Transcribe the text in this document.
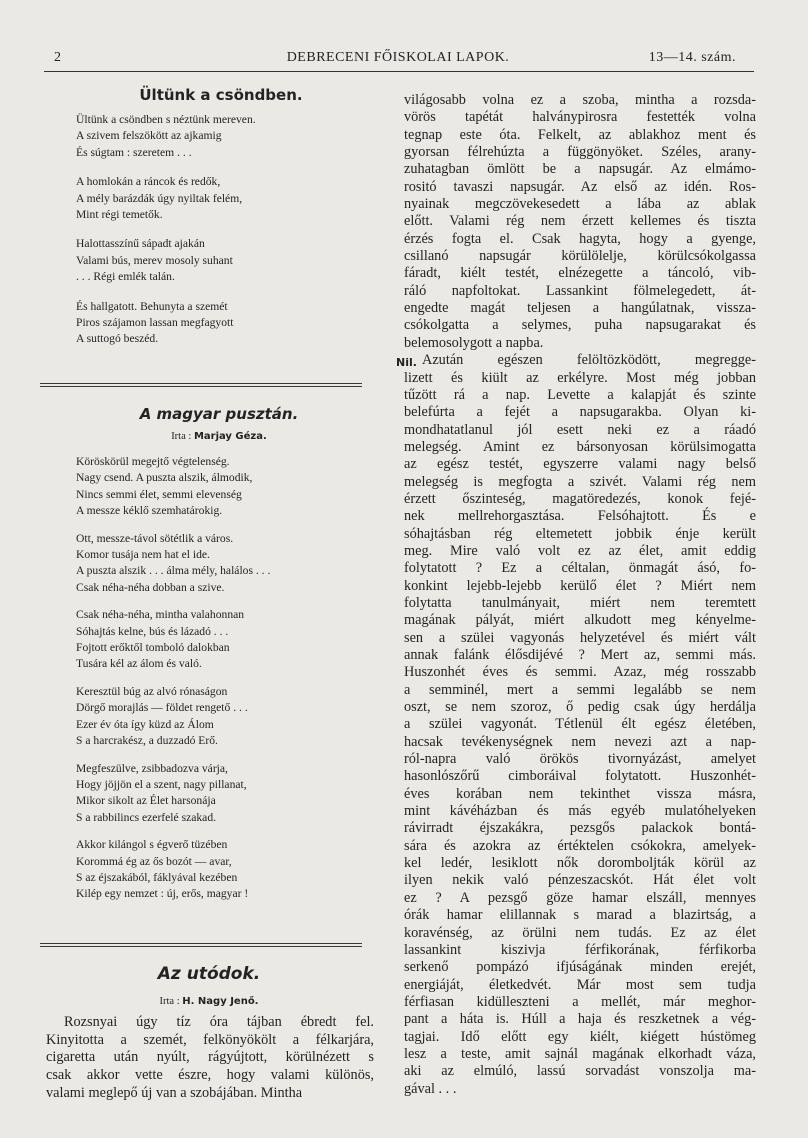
2	DEBRECENI FŐISKOLAI LAPOK.	13—14. szám.
Ültünk a csöndben.
Ültünk a csöndben s néztünk mereven.
A szivem felszökött az ajkamig
És súgtam : szeretem . . .
A homlokán a ráncok és redők,
A mély barázdák úgy nyiltak felém,
Mint régi temetők.
Halottasszínű sápadt ajakán
Valami bús, merev mosoly suhant
. . . Régi emlék talán.
És hallgatott. Behunyta a szemét
Piros szájamon lassan megfagyott
A suttogó beszéd.
Nil.
A magyar pusztán.
Irta : Marjay Géza.
Köröskörül megejtő végtelenség.
Nagy csend. A puszta alszik, álmodik,
Nincs semmi élet, semmi elevenség
A messze kéklő szemhatárokig.
Ott, messze-távol sötétlik a város.
Komor tusája nem hat el ide.
A puszta alszik . . . álma mély, halálos . . .
Csak néha-néha dobban a szive.
Csak néha-néha, mintha valahonnan
Sóhajtás kelne, bús és lázadó . . .
Fojtott erőktől tomboló dalokban
Tusára kél az álom és való.
Keresztül búg az alvó rónaságon
Dörgő morajlás — földet rengető . . .
Ezer év óta így küzd az Álom
S a harcrakész, a duzzadó Erő.
Megfeszülve, zsibbadozva várja,
Hogy jöjjön el a szent, nagy pillanat,
Mikor sikolt az Élet harsonája
S a rabbilincs ezerfelé szakad.
Akkor kilángol s égverő tüzében
Korommá ég az ős bozót — avar,
S az éjszakából, fáklyával kezében
Kilép egy nemzet : új, erős, magyar !
Az utódok.
Irta : H. Nagy Jenő.
Rozsnyai úgy tíz óra tájban ébredt fel.
Kinyitotta a szemét, felkönyökölt a félkarjára,
cigaretta után nyúlt, rágyújtott, körülnézett s
csak akkor vette észre, hogy valami különös,
valami meglepő új van a szobájában. Mintha
világosabb volna ez a szoba, mintha a rozsda-
vörös tapétát halványpirosra festették volna
tegnap este óta. Felkelt, az ablakhoz ment és
gyorsan félrehúzta a függönyöket. Széles, arany-
zuhatagban ömlött be a napsugár. Az elmámo-
rositó tavaszi napsugár. Az első az idén. Ros-
nyainak megczövekesedett a lába az ablak
előtt. Valami rég nem érzett kellemes és tiszta
érzés fogta el. Csak hagyta, hogy a gyenge,
csillanó napsugár körülölelje, körülcsókolgassa
fáradt, kiélt testét, elnézegette a táncoló, vib-
ráló napfoltokat. Lassankint fölmelegedett, át-
engedte magát teljesen a hangúlatnak, vissza-
csókolgatta a selymes, puha napsugarakat és
belemosolygott a napba.
Azután egészen felöltözködött, megregge-
lizett és kiült az erkélyre. Most még jobban
tűzött rá a nap. Levette a kalapját és szinte
belefúrta a fejét a napsugarakba. Olyan ki-
mondhatatlanul jól esett neki ez a ráadó
melegség. Amint ez bársonyosan körülsimogatta
az egész testét, egyszerre valami nagy belső
melegség is megfogta a szivét. Valami rég nem
érzett őszinteség, magatöredezés, konok fejé-
nek mellrehorgasztása. Felsóhajtott. És e
sóhajtásban rég eltemetett jobbik énje került
meg. Mire való volt ez az élet, amit eddig
folytatott ? Ez a céltalan, önmagát ásó, fo-
konkint lejebb-lejebb kerülő élet ? Miért nem
folytatta tanulmányait, miért nem teremtett
magának pályát, miért alkudott meg kényelme-
sen a szülei vagyonás helyzetével és miért vált
annak falánk élősdijévé ? Mert az, semmi más.
Huszonhét éves és semmi. Azaz, még rosszabb
a semminél, mert a semmi legalább se nem
oszt, se nem szoroz, ő pedig csak úgy herdálja
a szülei vagyonát. Tétlenül élt egész életében,
hacsak tevékenységnek nem nevezi azt a nap-
ról-napra való örökös tivornyázást, amelyet
hasonlószőrű cimboráival folytatott. Huszonhét-
éves korában nem tekinthet vissza másra,
mint kávéházban és más egyéb mulatóhelyeken
rávirradt éjszakákra, pezsgős palackok bontá-
sára és azokra az értéktelen csókokra, amelyek-
kel ledér, lesiklott nők doromboljták körül az
ilyen nekik való pénzeszacskót. Hát élet volt
ez ? A pezsgő göze hamar elszáll, mennyes
órák hamar elillannak s marad a blazirtság, a
koravénség, az örülni nem tudás. Ez az élet
lassankint kiszivja férfikorának, férfikorba
serkenő pompázó ifjúságának minden erejét,
energiáját, életkedvét. Már most sem tudja
férfiasan kidülleszteni a mellét, már meghor-
pant a háta is. Húll a haja és reszketnek a vég-
tagjai. Idő előtt egy kiélt, kiégett hústömeg
lesz a teste, amit sajnál magának elkorhadt váza,
aki az elmúló, lassú sorvadást vonszolja ma-
gával . . .
